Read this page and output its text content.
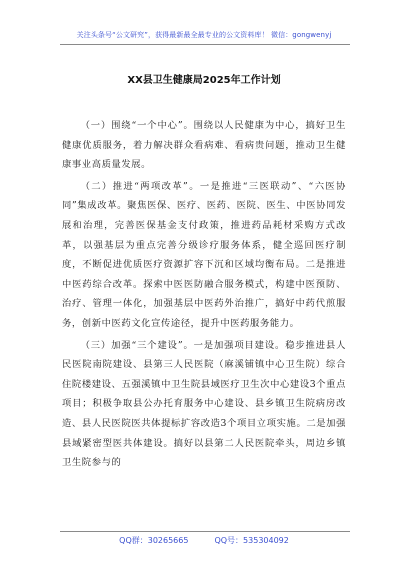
关注头条号“公文研究”，获得最新最全最专业的公文资料库！ 微信：gongwenyj
XX县卫生健康局2025年工作计划

（一）围绕“一个中心”。围绕以人民健康为中心，搞好卫生健康优质服务，着力解决群众看病难、看病贵问题，推动卫生健康事业高质量发展。

（二）推进“两项改革”。一是推进“三医联动”、“六医协同”集成改革。聚焦医保、医疗、医药、医院、医生、中医协同发展和治理，完善医保基金支付政策，推进药品耗材采购方式改革，以强基层为重点完善分级诊疗服务体系，健全巡回医疗制度，不断促进优质医疗资源扩容下沉和区域均衡布局。二是推进中医药综合改革。探索中医医防融合服务模式，构建中医预防、治疗、管理一体化，加强基层中医药外治推广，搞好中药代煎服务，创新中医药文化宣传途径，提升中医药服务能力。

（三）加强“三个建设”。一是加强项目建设。稳步推进县人民医院南院建设、县第三人民医院（麻溪铺镇中心卫生院）综合住院楼建设、五强溪镇中卫生院县域医疗卫生次中心建设3个重点项目；积极争取县公办托育服务中心建设、县乡镇卫生院病房改造、县人民医院医共体提标扩容改造3个项目立项实施。二是加强县域紧密型医共体建设。搞好以县第二人民医院牵头，周边乡镇卫生院参与的

QQ群：30265665	QQ号：535304092
